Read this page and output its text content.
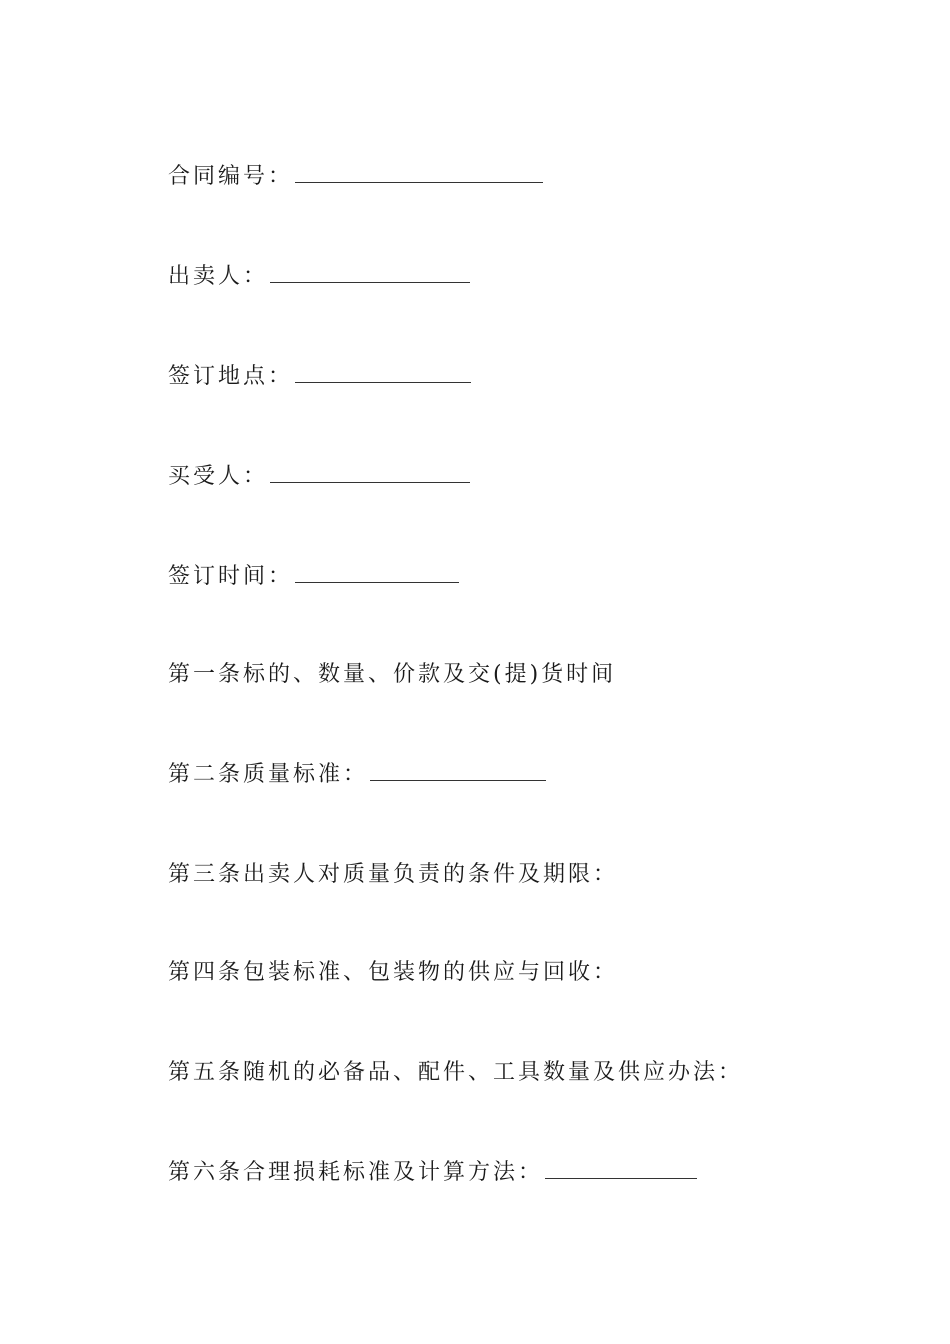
合同编号：
出卖人：
签订地点：
买受人：
签订时间：
第一条标的、数量、价款及交(提)货时间
第二条质量标准：
第三条出卖人对质量负责的条件及期限：
第四条包装标准、包装物的供应与回收：
第五条随机的必备品、配件、工具数量及供应办法：
第六条合理损耗标准及计算方法：
